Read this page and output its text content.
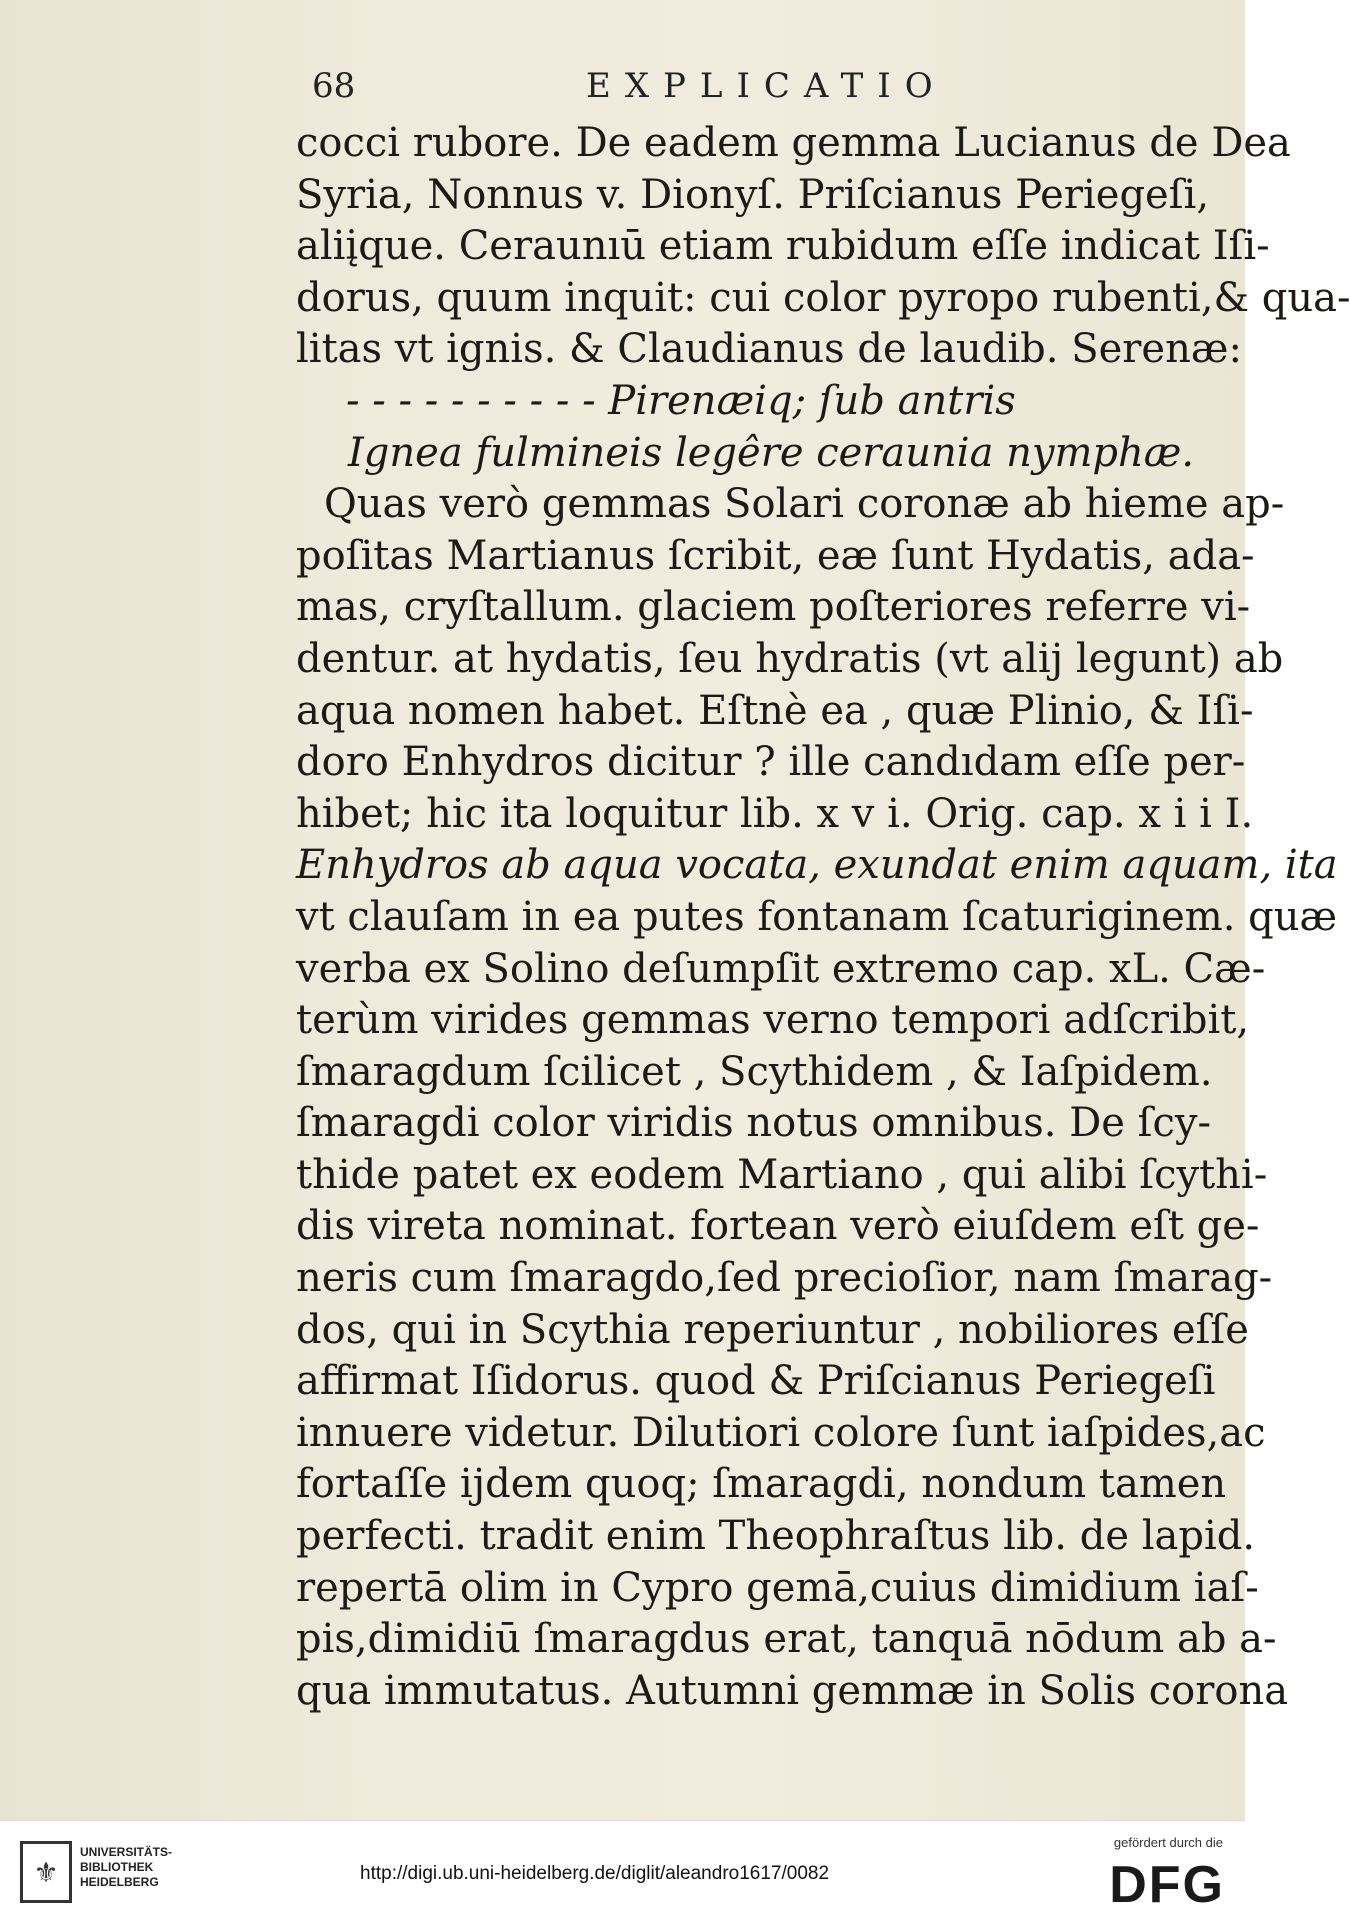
68	EXPLICATIO
cocci rubore. De eadem gemma Lucianus de Dea
Syria, Nonnus v. Dionyſ. Priſcianus Periegeſi,
aliįque. Ceraunıū etiam rubidum eſſe indicat Iſi-
dorus, quum inquit: cui color pyropo rubenti,& qua-
litas vt ignis. & Claudianus de laudib. Serenæ:
- - - - - - - - - - Pirenæiq; ſub antris
Ignea fulmineis legêre ceraunia nymphæ.
Quas verò gemmas Solari coronæ ab hieme ap-
poſitas Martianus ſcribit, eæ ſunt Hydatis, ada-
mas, cryſtallum. glaciem poſteriores referre vi-
dentur. at hydatis, ſeu hydratis (vt alij legunt) ab
aqua nomen habet. Eſtnè ea , quæ Plinio, & Iſi-
doro Enhydros dicitur ? ille candıdam eſſe per-
hibet; hic ita loquitur lib. x v i. Orig. cap. x i i I.
Enhydros ab aqua vocata, exundat enim aquam, ita
vt clauſam in ea putes fontanam ſcaturiginem. quæ
verba ex Solino deſumpſit extremo cap. xL. Cæ-
terùm virides gemmas verno tempori adſcribit,
ſmaragdum ſcilicet , Scythidem , & Iaſpidem.
ſmaragdi color viridis notus omnibus. De ſcy-
thide patet ex eodem Martiano , qui alibi ſcythi-
dis vireta nominat. fortean verò eiuſdem eſt ge-
neris cum ſmaragdo,ſed precioſior, nam ſmarag-
dos, qui in Scythia reperiuntur , nobiliores eſſe
affirmat Iſidorus. quod & Priſcianus Periegeſi
innuere videtur. Dilutiori colore ſunt iaſpides,ac
fortaſſe ijdem quoq; ſmaragdi, nondum tamen
perfecti. tradit enim Theophraſtus lib. de lapid.
repertā olim in Cypro gemā,cuius dimidium iaſ-
pis,dimidiū ſmaragdus erat, tanquā nōdum ab a-
qua immutatus. Autumni gemmæ in Solis corona
⚜
UNIVERSITÄTS-
BIBLIOTHEK
HEIDELBERG	http://digi.ub.uni-heidelberg.de/diglit/aleandro1617/0082
gefördert durch die
DFG
